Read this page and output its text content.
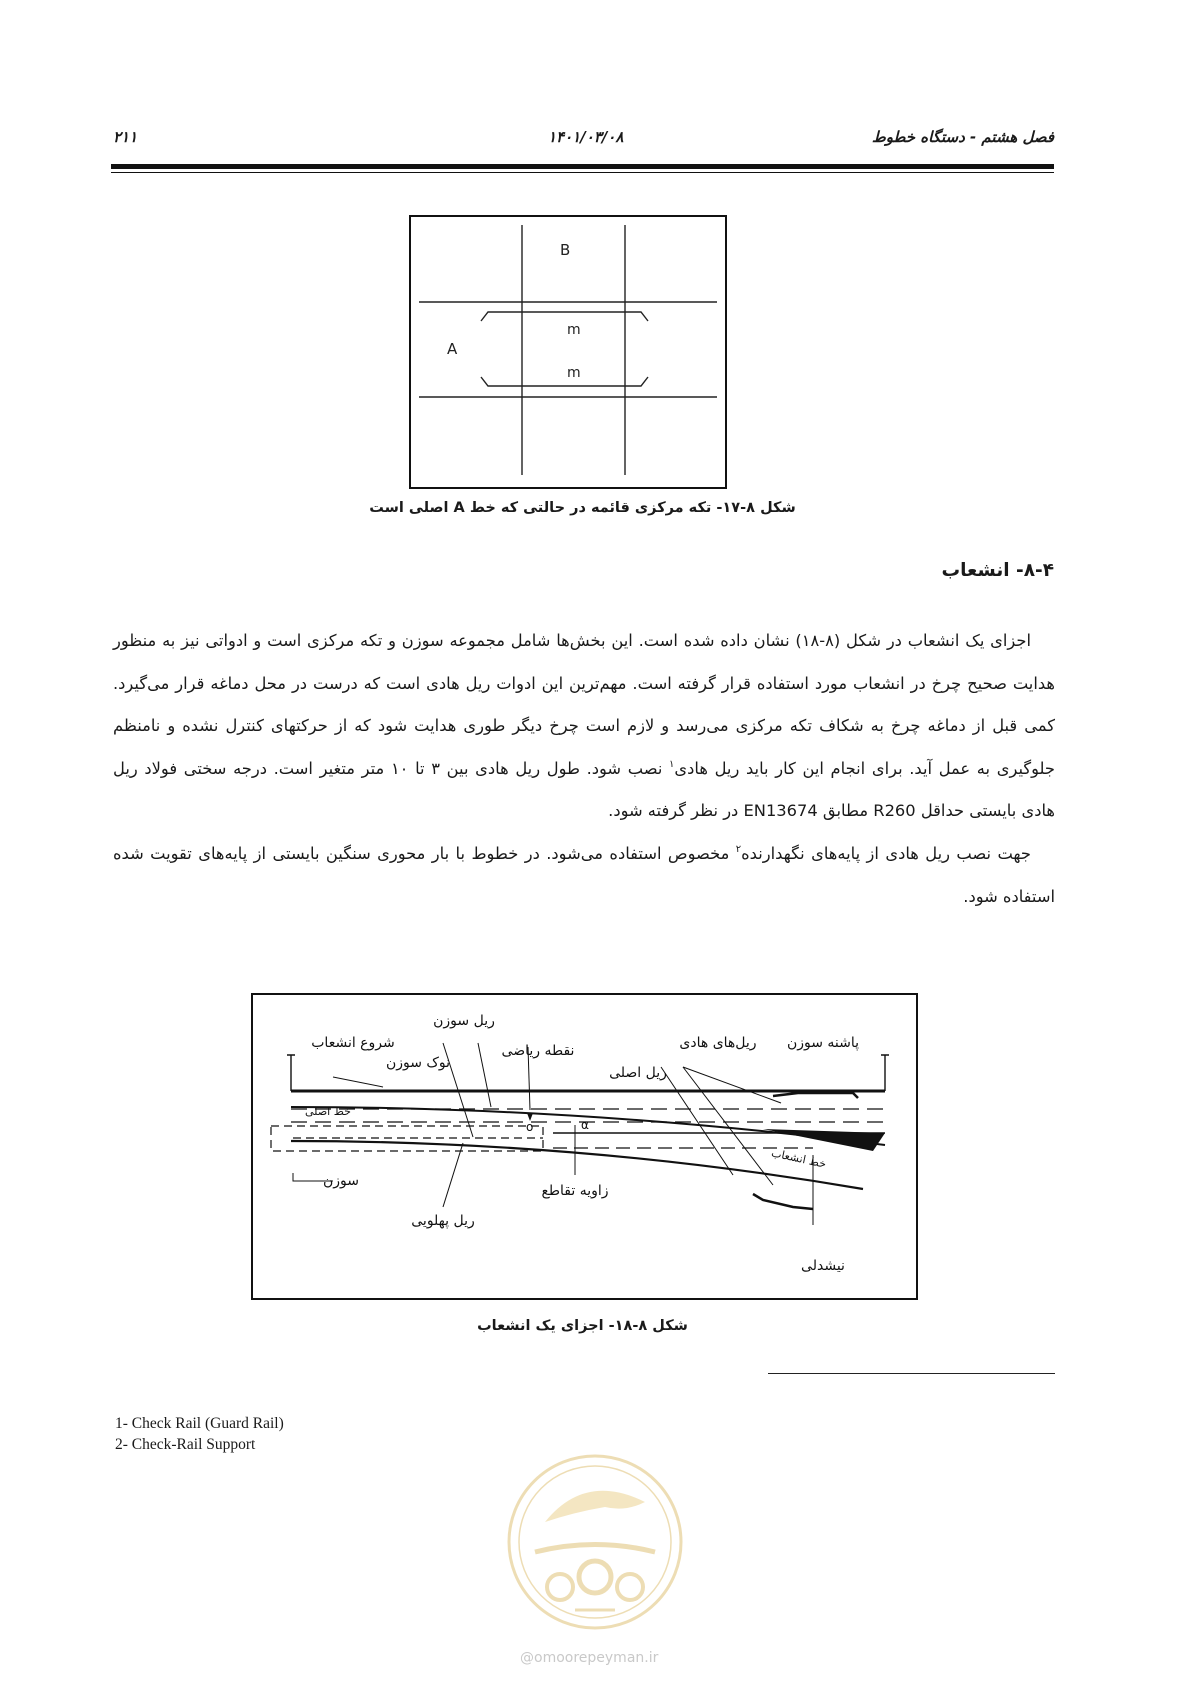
۲۱۱	۱۴۰۱/۰۳/۰۸	فصل هشتم - دستگاه خطوط
B
A
m
m
شکل ۸-۱۷- تکه مرکزی قائمه در حالتی که خط A اصلی است
۸-۴- انشعاب

اجزای یک انشعاب در شکل (۸-۱۸) نشان داده شده است. این بخش‌ها شامل مجموعه سوزن و تکه مرکزی است و ادواتی نیز به منظور هدایت صحیح چرخ در انشعاب مورد استفاده قرار گرفته است. مهم‌ترین این ادوات ریل هادی است که درست در محل دماغه قرار می‌گیرد. کمی قبل از دماغه چرخ به شکاف تکه مرکزی می‌رسد و لازم است چرخ دیگر طوری هدایت شود که از حرکتهای کنترل نشده و نامنظم جلوگیری به عمل آید. برای انجام این کار باید ریل هادی$^۱$ نصب شود. طول ریل هادی بین ۳ تا ۱۰ متر متغیر است. درجه سختی فولاد ریل هادی بایستی حداقل R260 مطابق EN13674 در نظر گرفته شود.

جهت نصب ریل هادی از پایه‌های نگهدارنده$^۲$ مخصوص استفاده می‌شود. در خطوط با بار محوری سنگین بایستی از پایه‌های تقویت شده استفاده شود.

o	α
ریل سوزن
شروع انشعاب
نوک سوزن
نقطه ریاضی	ریل‌های هادی
ریل اصلی
پاشنه سوزن
سوزن
ریل پهلویی
زاویه تقاطع
نیشدلی
خط اصلی
خط انشعاب
شکل ۸-۱۸- اجزای یک انشعاب
1- Check Rail (Guard Rail)
2- Check-Rail Support
@omoorepeyman.ir
